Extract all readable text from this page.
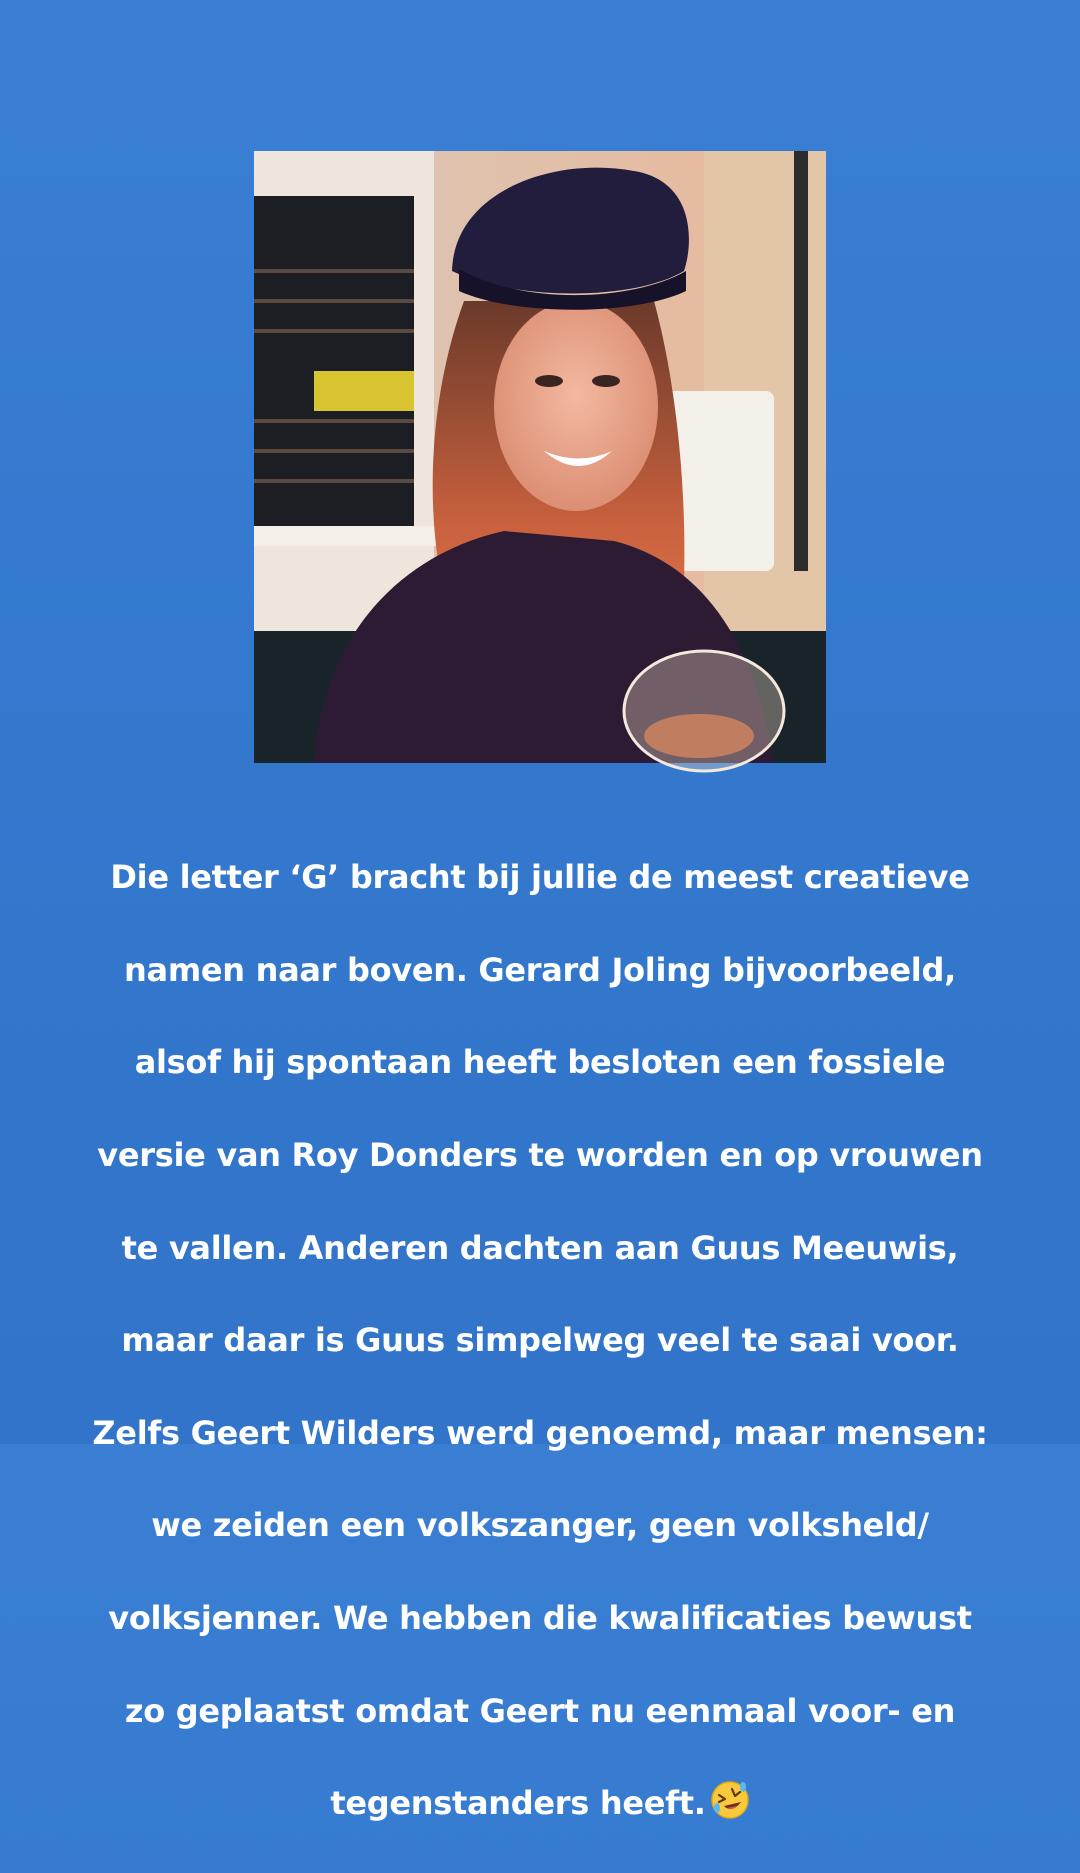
Die letter ‘G’ bracht bij jullie de meest creatieve

namen naar boven. Gerard Joling bijvoorbeeld,

alsof hij spontaan heeft besloten een fossiele

versie van Roy Donders te worden en op vrouwen

te vallen. Anderen dachten aan Guus Meeuwis,

maar daar is Guus simpelweg veel te saai voor.

Zelfs Geert Wilders werd genoemd, maar mensen:

we zeiden een volkszanger, geen volksheld/

volksjenner. We hebben die kwalificaties bewust

zo geplaatst omdat Geert nu eenmaal voor- en

tegenstanders heeft.
